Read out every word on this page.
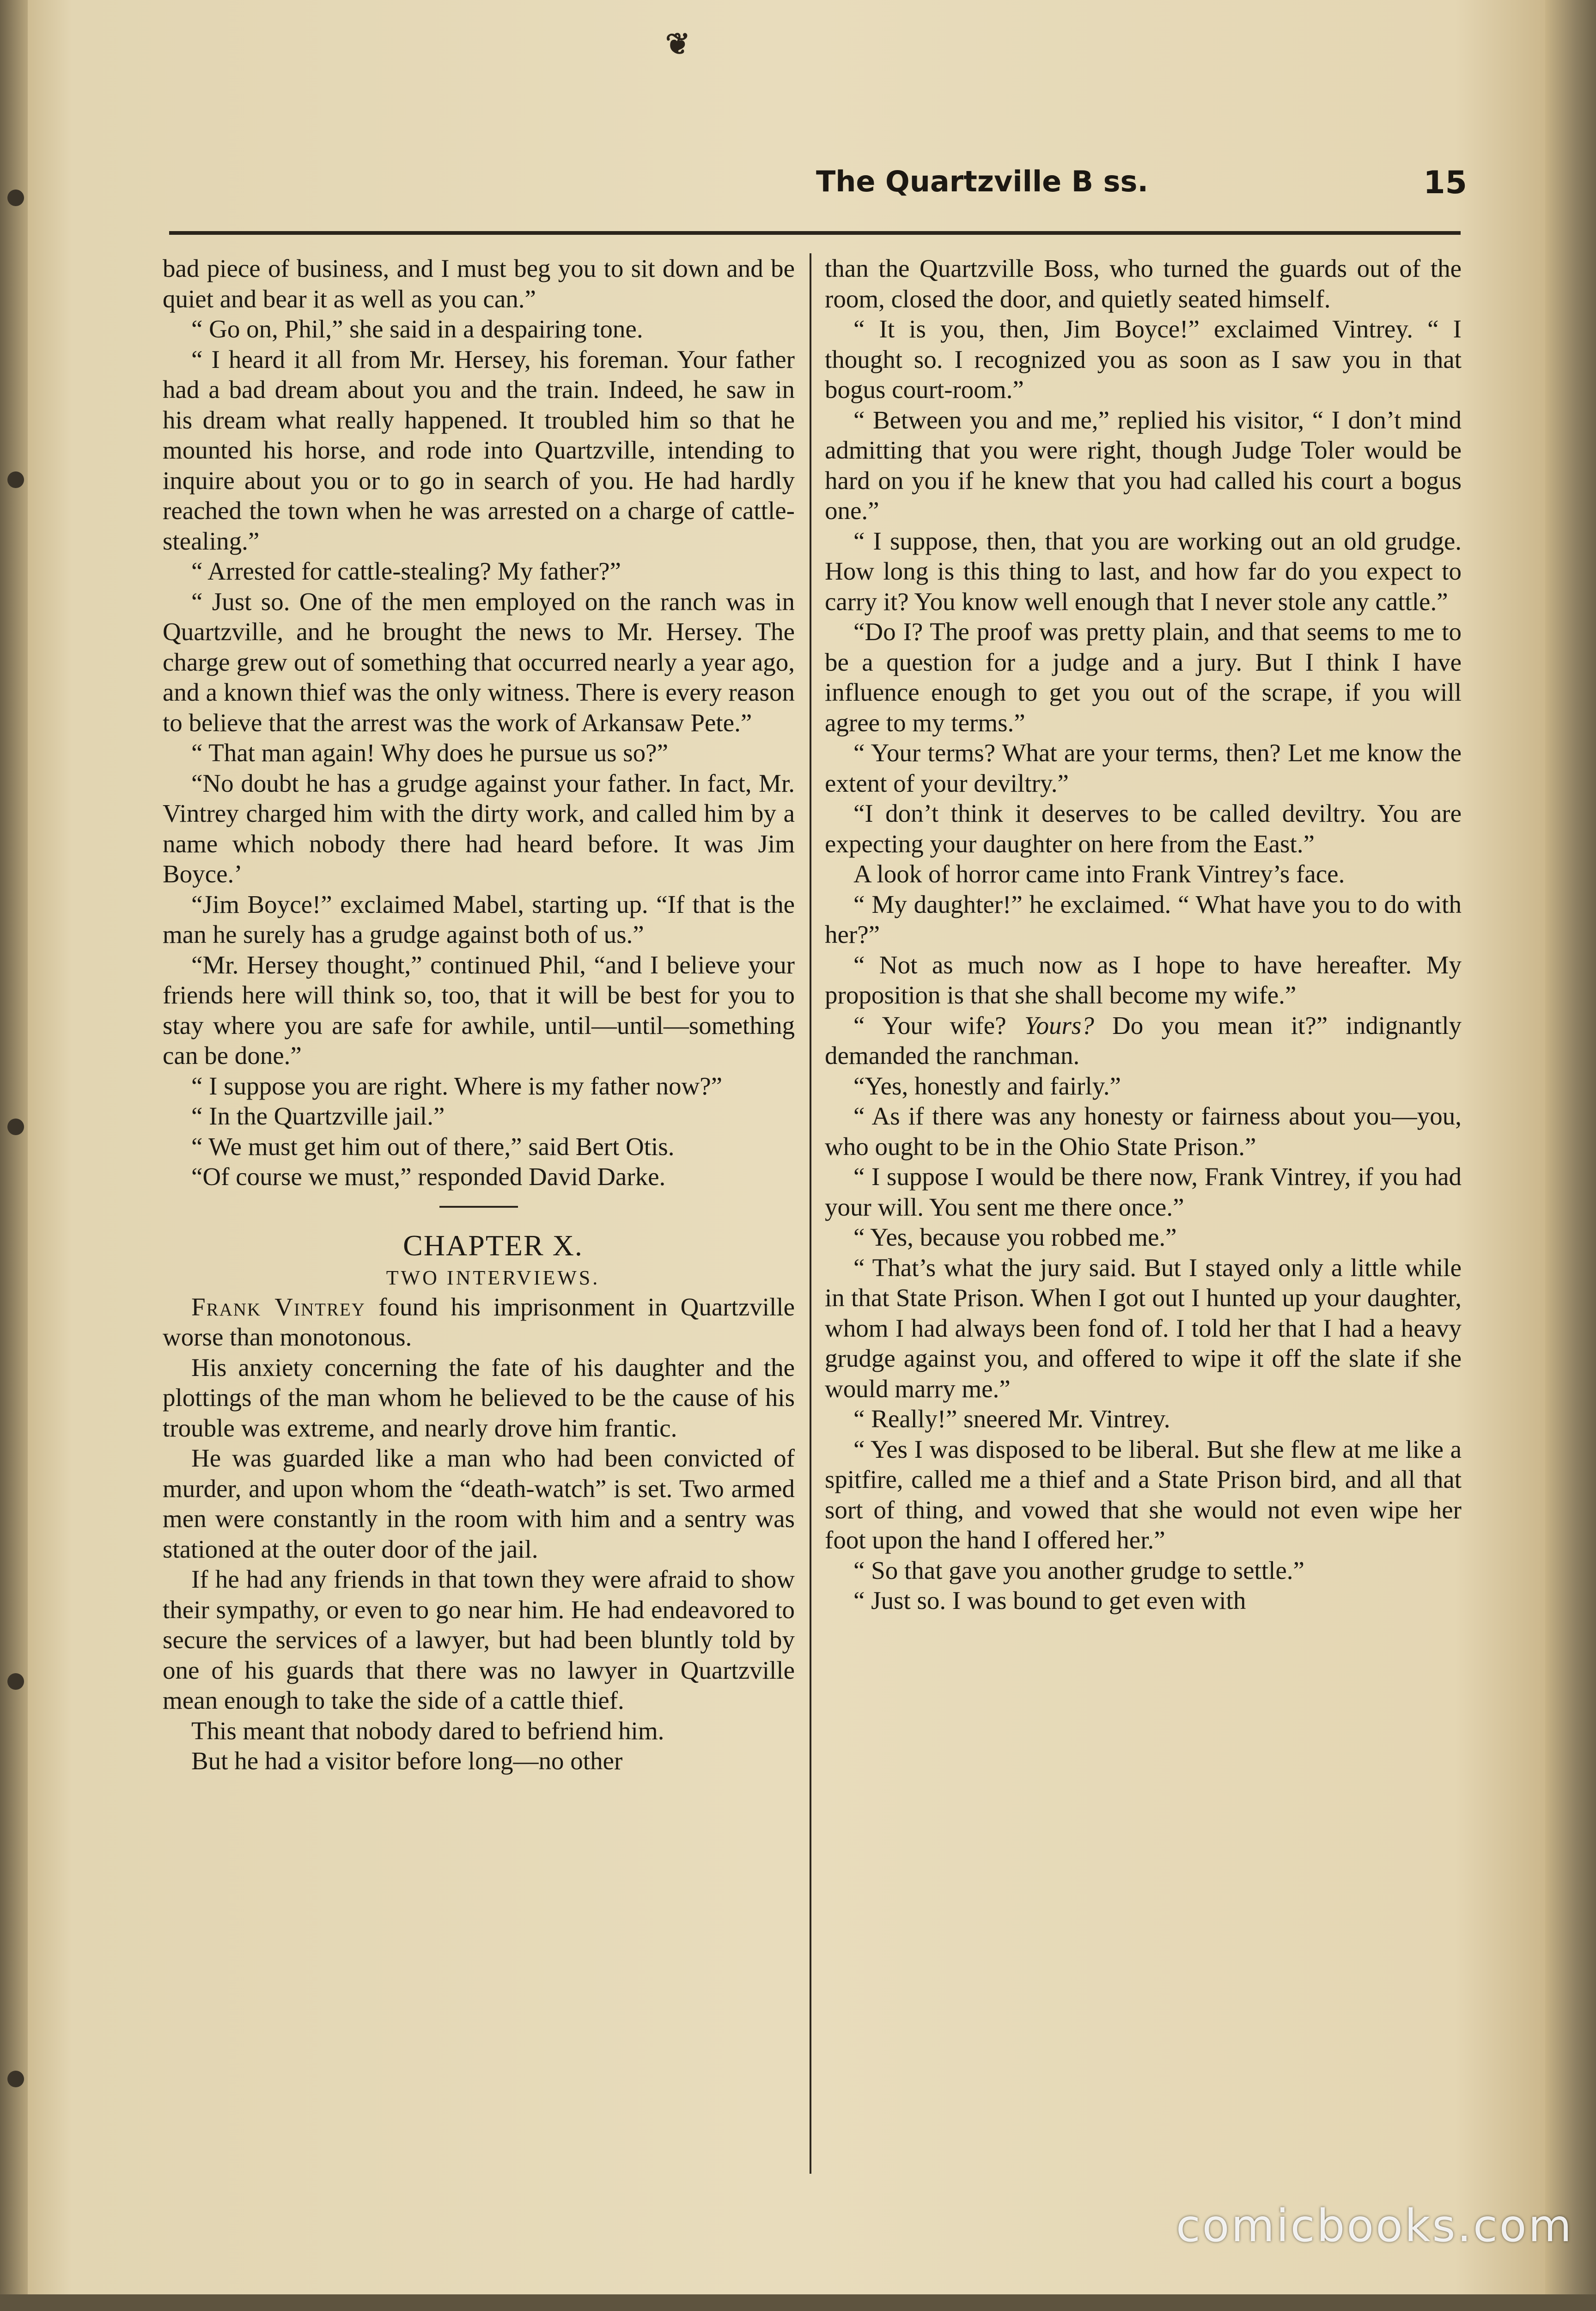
❦
The Quartzville B ss.	15

bad piece of business, and I must beg you to sit down and be quiet and bear it as well as you can.”

“ Go on, Phil,” she said in a despairing tone.

“ I heard it all from Mr. Hersey, his foreman. Your father had a bad dream about you and the train. Indeed, he saw in his dream what really happened. It troubled him so that he mounted his horse, and rode into Quartzville, intending to inquire about you or to go in search of you. He had hardly reached the town when he was arrested on a charge of cattle-stealing.”

“ Arrested for cattle-stealing? My father?”

“ Just so. One of the men employed on the ranch was in Quartzville, and he brought the news to Mr. Hersey. The charge grew out of something that occurred nearly a year ago, and a known thief was the only witness. There is every reason to believe that the arrest was the work of Arkansaw Pete.”

“ That man again! Why does he pursue us so?”

“No doubt he has a grudge against your father. In fact, Mr. Vintrey charged him with the dirty work, and called him by a name which nobody there had heard before. It was Jim Boyce.’

“Jim Boyce!” exclaimed Mabel, starting up. “If that is the man he surely has a grudge against both of us.”

“Mr. Hersey thought,” continued Phil, “and I believe your friends here will think so, too, that it will be best for you to stay where you are safe for awhile, until—until—something can be done.”

“ I suppose you are right. Where is my father now?”

“ In the Quartzville jail.”

“ We must get him out of there,” said Bert Otis.

“Of course we must,” responded David Darke.

CHAPTER X.

TWO INTERVIEWS.

Frank Vintrey found his imprisonment in Quartzville worse than monotonous.

His anxiety concerning the fate of his daughter and the plottings of the man whom he believed to be the cause of his trouble was extreme, and nearly drove him frantic.

He was guarded like a man who had been convicted of murder, and upon whom the “death-watch” is set. Two armed men were constantly in the room with him and a sentry was stationed at the outer door of the jail.

If he had any friends in that town they were afraid to show their sympathy, or even to go near him. He had endeavored to secure the services of a lawyer, but had been bluntly told by one of his guards that there was no lawyer in Quartzville mean enough to take the side of a cattle thief.

This meant that nobody dared to befriend him.

But he had a visitor before long—no other

than the Quartzville Boss, who turned the guards out of the room, closed the door, and quietly seated himself.

“ It is you, then, Jim Boyce!” exclaimed Vintrey. “ I thought so. I recognized you as soon as I saw you in that bogus court-room.”

“ Between you and me,” replied his visitor, “ I don’t mind admitting that you were right, though Judge Toler would be hard on you if he knew that you had called his court a bogus one.”

“ I suppose, then, that you are working out an old grudge. How long is this thing to last, and how far do you expect to carry it? You know well enough that I never stole any cattle.”

“Do I? The proof was pretty plain, and that seems to me to be a question for a judge and a jury. But I think I have influence enough to get you out of the scrape, if you will agree to my terms.”

“ Your terms? What are your terms, then? Let me know the extent of your deviltry.”

“I don’t think it deserves to be called deviltry. You are expecting your daughter on here from the East.”

A look of horror came into Frank Vintrey’s face.

“ My daughter!” he exclaimed. “ What have you to do with her?”

“ Not as much now as I hope to have hereafter. My proposition is that she shall become my wife.”

“ Your wife? Yours? Do you mean it?” indignantly demanded the ranchman.

“Yes, honestly and fairly.”

“ As if there was any honesty or fairness about you—you, who ought to be in the Ohio State Prison.”

“ I suppose I would be there now, Frank Vintrey, if you had your will. You sent me there once.”

“ Yes, because you robbed me.”

“ That’s what the jury said. But I stayed only a little while in that State Prison. When I got out I hunted up your daughter, whom I had always been fond of. I told her that I had a heavy grudge against you, and offered to wipe it off the slate if she would marry me.”

“ Really!” sneered Mr. Vintrey.

“ Yes I was disposed to be liberal. But she flew at me like a spitfire, called me a thief and a State Prison bird, and all that sort of thing, and vowed that she would not even wipe her foot upon the hand I offered her.”

“ So that gave you another grudge to settle.”

“ Just so. I was bound to get even with

comicbooks.com
